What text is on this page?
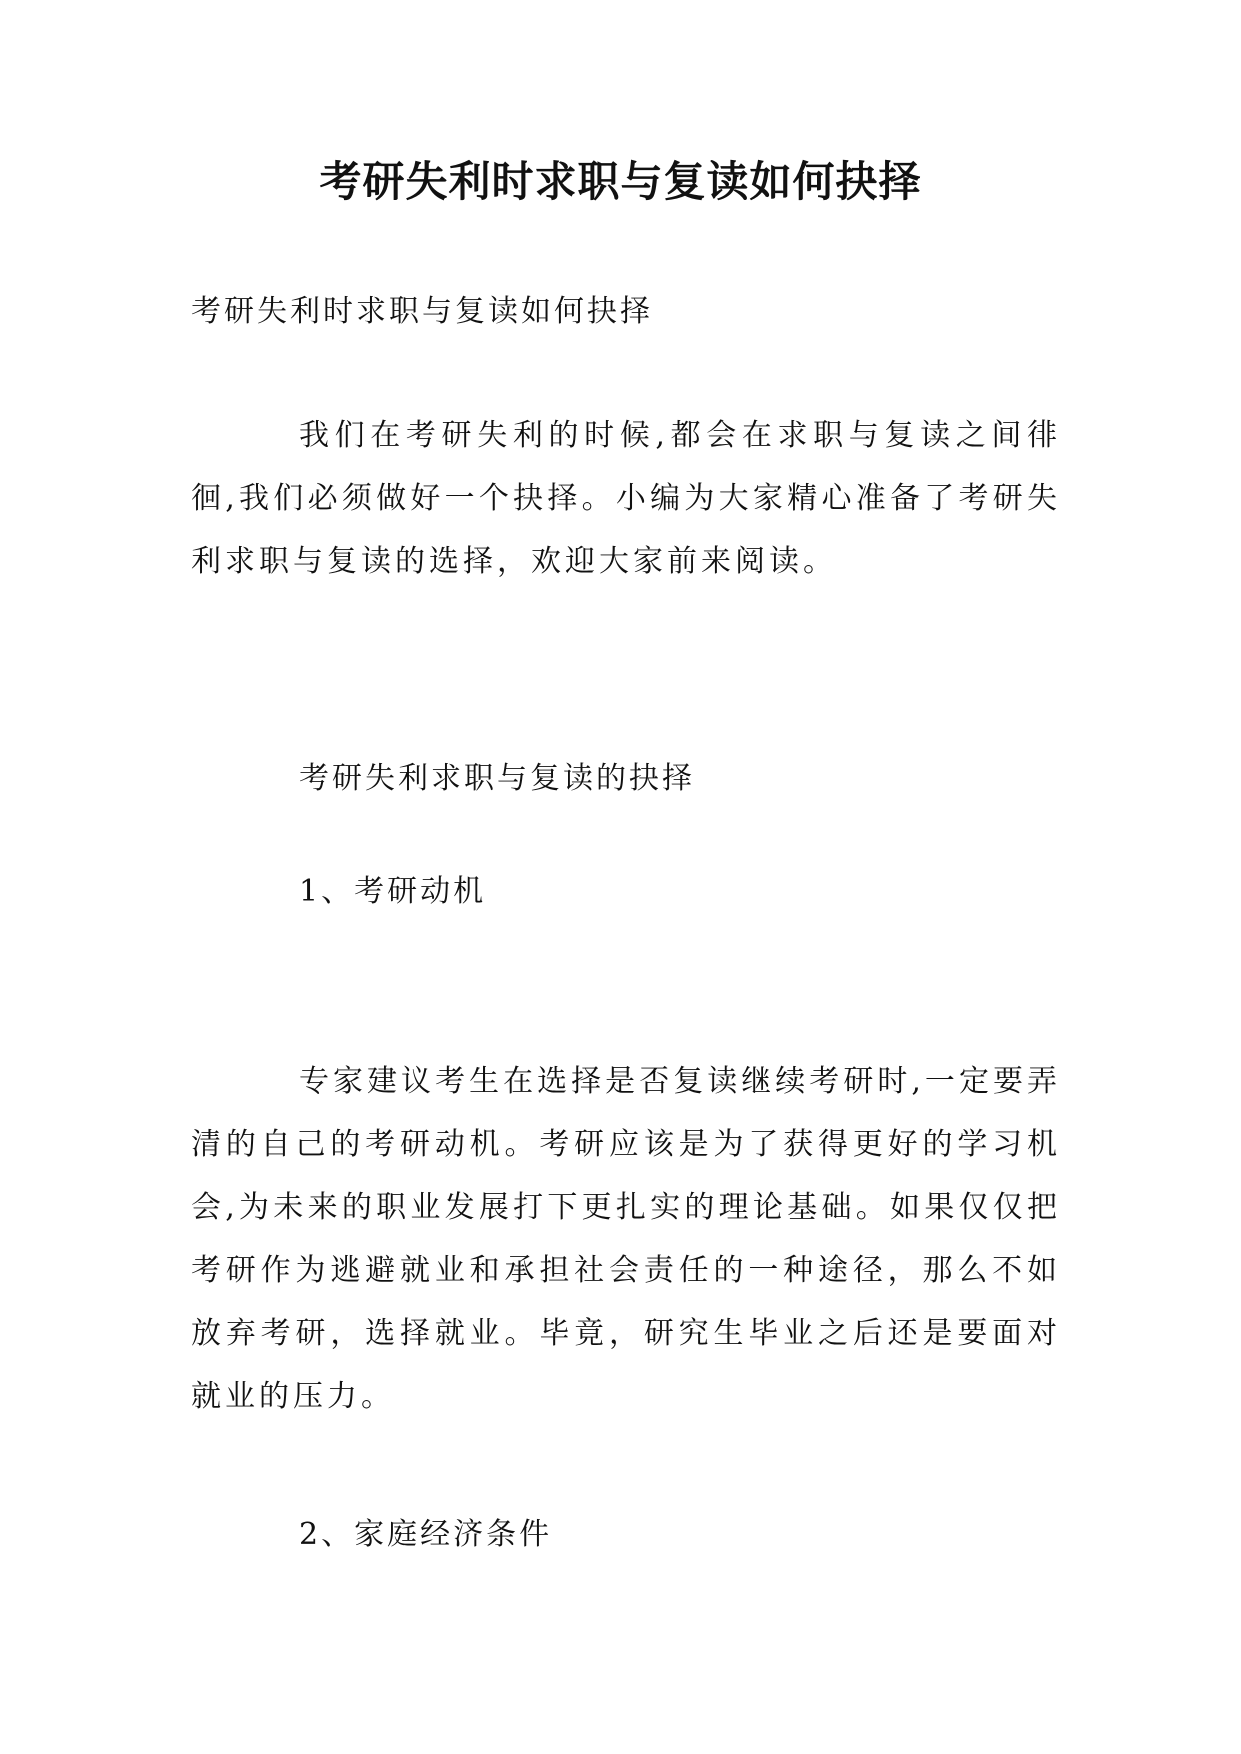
考研失利时求职与复读如何抉择

考研失利时求职与复读如何抉择

我们在考研失利的时候,都会在求职与复读之间徘徊,我们必须做好一个抉择。小编为大家精心准备了考研失利求职与复读的选择，欢迎大家前来阅读。

考研失利求职与复读的抉择

1、考研动机

专家建议考生在选择是否复读继续考研时,一定要弄清的自己的考研动机。考研应该是为了获得更好的学习机会,为未来的职业发展打下更扎实的理论基础。如果仅仅把考研作为逃避就业和承担社会责任的一种途径，那么不如放弃考研，选择就业。毕竟，研究生毕业之后还是要面对就业的压力。

2、家庭经济条件
